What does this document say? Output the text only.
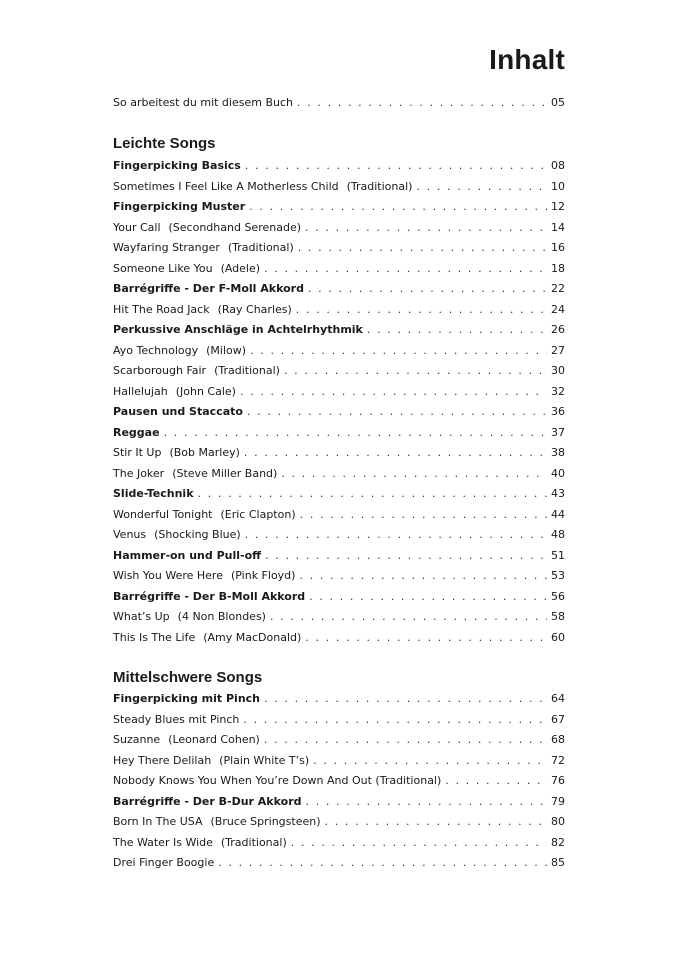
Inhalt
So arbeitest du mit diesem Buch . . .	05
Leichte Songs
Fingerpicking Basics . . .	08
Sometimes I Feel Like A Motherless Child (Traditional) . . .	10
Fingerpicking Muster . . .	12
Your Call (Secondhand Serenade) . . .	14
Wayfaring Stranger (Traditional) . . .	16
Someone Like You (Adele) . . .	18
Barrégriffe - Der F-Moll Akkord . . .	22
Hit The Road Jack (Ray Charles) . . .	24
Perkussive Anschläge in Achtelrhythmik . . .	26
Ayo Technology (Milow) . . .	27
Scarborough Fair (Traditional) . . .	30
Hallelujah (John Cale) . . .	32
Pausen und Staccato . . .	36
Reggae . . .	37
Stir It Up (Bob Marley) . . .	38
The Joker (Steve Miller Band) . . .	40
Slide-Technik . . .	43
Wonderful Tonight (Eric Clapton) . . .	44
Venus (Shocking Blue) . . .	48
Hammer-on und Pull-off . . .	51
Wish You Were Here (Pink Floyd) . . .	53
Barrégriffe - Der B-Moll Akkord . . .	56
What’s Up (4 Non Blondes) . . .	58
This Is The Life (Amy MacDonald) . . .	60
Mittelschwere Songs
Fingerpicking mit Pinch . . .	64
Steady Blues mit Pinch . . .	67
Suzanne (Leonard Cohen) . . .	68
Hey There Delilah (Plain White T’s) . . .	72
Nobody Knows You When You’re Down And Out (Traditional) . . .	76
Barrégriffe - Der B-Dur Akkord . . .	79
Born In The USA (Bruce Springsteen) . . .	80
The Water Is Wide (Traditional) . . .	82
Drei Finger Boogie . . .	85
